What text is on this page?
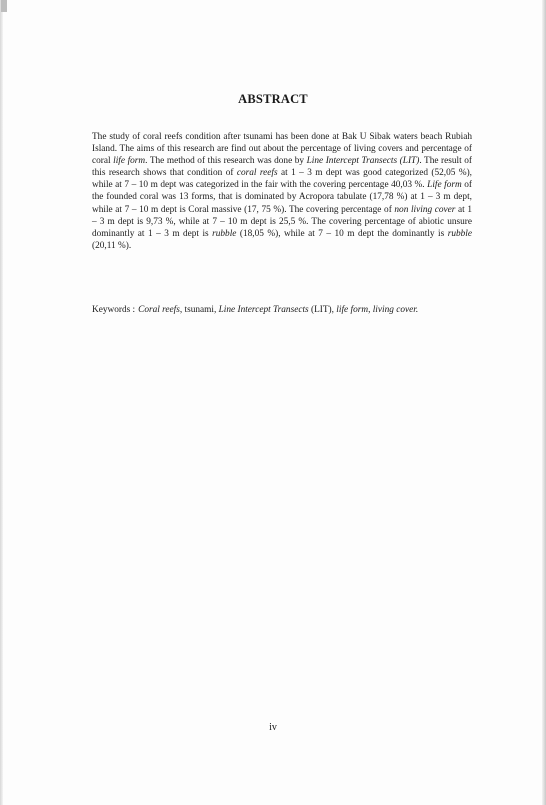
ABSTRACT
The study of coral reefs condition after tsunami has been done at Bak U Sibak waters beach Rubiah Island. The aims of this research are find out about the percentage of living covers and percentage of coral life form. The method of this research was done by Line Intercept Transects (LIT). The result of this research shows that condition of coral reefs at 1 – 3 m dept was good categorized (52,05 %), while at 7 – 10 m dept was categorized in the fair with the covering percentage 40,03 %. Life form of the founded coral was 13 forms, that is dominated by Acropora tabulate (17,78 %) at 1 – 3 m dept, while at 7 – 10 m dept is Coral massive (17, 75 %). The covering percentage of non living cover at 1 – 3 m dept is 9,73 %, while at 7 – 10 m dept is 25,5 %. The covering percentage of abiotic unsure dominantly at 1 – 3 m dept is rubble (18,05 %), while at 7 – 10 m dept the dominantly is rubble (20,11 %).
Keywords : Coral reefs, tsunami, Line Intercept Transects (LIT), life form, living cover.
iv
